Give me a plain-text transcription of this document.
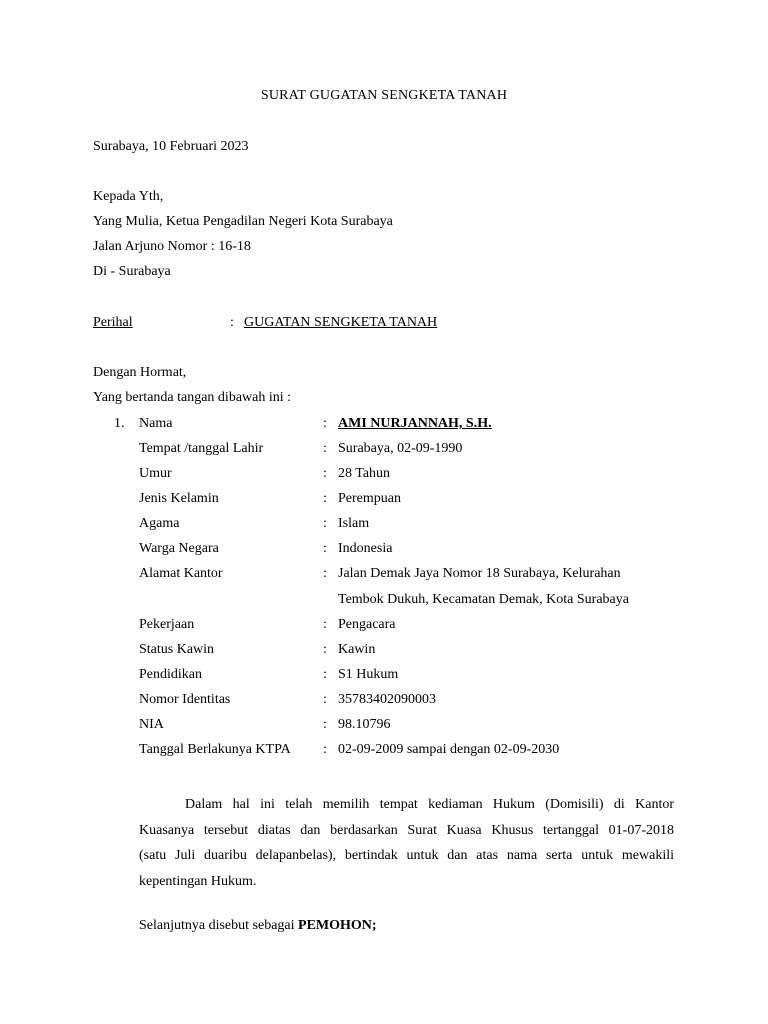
SURAT GUGATAN SENGKETA TANAH
Surabaya, 10 Februari 2023
Kepada Yth,
Yang Mulia, Ketua Pengadilan Negeri Kota Surabaya
Jalan Arjuno Nomor : 16-18
Di - Surabaya
Perihal	: GUGATAN SENGKETA TANAH
Dengan Hormat,
Yang bertanda tangan dibawah ini :
1. Nama	: AMI NURJANNAH, S.H.
Tempat /tanggal Lahir	: Surabaya, 02-09-1990
Umur	: 28 Tahun
Jenis Kelamin	: Perempuan
Agama	: Islam
Warga Negara	: Indonesia
Alamat Kantor	: Jalan Demak Jaya Nomor 18 Surabaya, Kelurahan
Tembok Dukuh, Kecamatan Demak, Kota Surabaya
Pekerjaan	: Pengacara
Status Kawin	: Kawin
Pendidikan	: S1 Hukum
Nomor Identitas	: 35783402090003
NIA	: 98.10796
Tanggal Berlakunya KTPA : 02-09-2009 sampai dengan 02-09-2030
Dalam hal ini telah memilih tempat kediaman Hukum (Domisili) di Kantor
Kuasanya tersebut diatas dan berdasarkan Surat Kuasa Khusus tertanggal 01-07-2018
(satu Juli duaribu delapanbelas), bertindak untuk dan atas nama serta untuk mewakili
kepentingan Hukum.
Selanjutnya disebut sebagai PEMOHON;
